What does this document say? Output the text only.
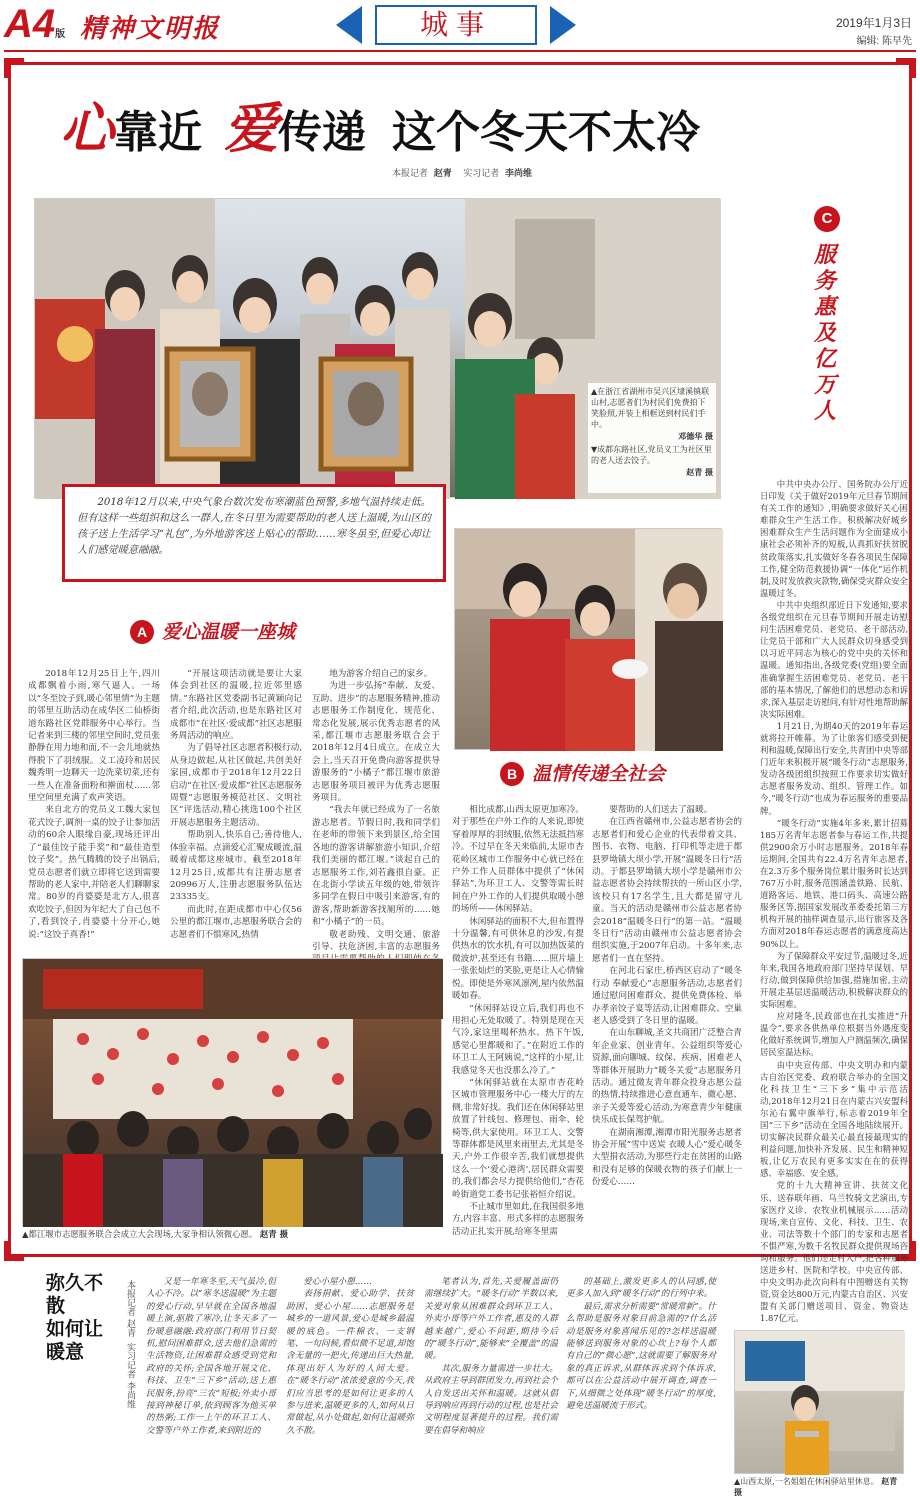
A4版 精神文明报	城事	2019年1月3日
编辑: 陈早先
心靠近 爱传递 这个冬天不太冷
本报记者 赵青 实习记者 李尚维
▲在浙江省湖州市吴兴区埭溪镇联山村,志愿者们为村民们免费拍下笑脸照,并装上相框送到村民们手中。
邓德华 摄
▼成都东路社区,党员义工为社区里的老人送去饺子。
赵青 摄
2018年12月以来,中央气象台数次发布寒潮蓝色预警,多地气温持续走低。但有这样一些组织和这么一群人,在冬日里为需要帮助的老人送上温暖,为山区的孩子送上生活学习“礼包”,为外地游客送上贴心的帮助……寒冬虽至,但爱心却让人们感觉暖意融融。
C
服务惠及亿万人
中共中央办公厅、国务院办公厅近日印发《关于做好2019年元旦春节期间有关工作的通知》,明确要求做好关心困难群众生产生活工作。积极解决好城乡困难群众生产生活问题作为全面建成小康社会必须补齐的短板,认真抓好扶贫脱贫政策落实,扎实做好冬春各项民生保障工作,健全防范救援协调“一体化”运作机制,及时发放救灾款物,确保受灾群众安全温暖过冬。
中共中央组织部近日下发通知,要求各级党组织在元旦春节期间开展走访慰问生活困难党员、老党员、老干部活动,让党员干部和广大人民群众切身感受到以习近平同志为核心的党中央的关怀和温暖。通知指出,各级党委(党组)要全面准确掌握生活困难党员、老党员、老干部的基本情况,了解他们的思想动态和诉求,深入基层走访慰问,有针对性地帮助解决实际困难。
1月21日,为期40天的2019年春运就将拉开帷幕。为了让旅客们感受到便利和温暖,保障出行安全,共青团中央等部门近年来积极开展“暖冬行动”志愿服务,发动各级团组织按照工作要求切实做好志愿者服务发动、组织、管理工作。如今,“暖冬行动”也成为春运服务的重要品牌。
“暖冬行动”实施4年多来,累计招募185万名青年志愿者参与春运工作,共提供2900余万小时志愿服务。2018年春运期间,全国共有22.4万名青年志愿者,在2.3万多个服务岗位累计服务时长达到767万小时,服务范围涵盖铁路、民航、道路客运、地铁、港口码头、高速公路服务区等,据国家发展改革委委托第三方机构开展的抽样调查显示,出行旅客及各方面对2018年春运志愿者的满意度高达90%以上。
为了保障群众平安过节,温暖过冬,近年来,我国各地政府部门坚持早谋划、早行动,做到保障供给加强,措施加密,主动开展走基层送温暖活动,积极解决群众的实际困难。
应对隆冬,民政部也在扎实推进“升温令”,要求各供热单位根据当外遇度变化做好系统调节,增加入户测温频次,确保居民室温达标。
由中央宣传部、中央文明办和内蒙古自治区党委、政府联合举办的全国文化科技卫生“三下乡”集中示范活动,2018年12月21日在内蒙古兴安盟科尔沁右翼中旗举行,标志着2019年全国“三下乡”活动在全国各地陆续展开。切实解决民群众最关心最直接最现实的利益问题,加快补齐发展、民生和精神短板,让亿万农民有更多实实在在的获得感、幸福感、安全感。
党的十九大精神宣讲、扶贫文化乐、送春联年画、乌兰牧骑文艺演出,专家医疗义诊、农牧业机械展示……活动现场,来自宣传、文化、科技、卫生、农业、司法等数十个部门的专家和志愿者不惧严寒,为数千名牧民群众提供现场咨询和服务。他们还走村入户,把各种服务送进乡村、医院和学校。中央宣传部、中央文明办此次向科有中图赠送有关物资,资金达800万元,内蒙古自治区、兴安盟有关部门赠送项目、资金、物资达1.87亿元。
A 爱心温暖一座城
2018年12月25日上午,四川成都飘着小雨,寒气逼人。一场以“冬至饺子到,暖心邻里情”为主题的邻里互助活动在成华区二仙桥街道东路社区党群服务中心举行。当记者来到三楼的邻里空间时,党员张静静在用力地和面,不一会儿地就热得脱下了羽绒服。义工凌玲和居民魏秀明一边聊天一边洗菜切菜,还有一些人在准备面粉和擀面杖……邻里空间里充满了欢声笑语。
来自北方的党员义工魏大家包花式饺子,调剂一桌的饺子让参加活动的60余人眼缘自豪,现场还评出了“最佳饺子能手奖”和“最佳造型饺子奖”。热气腾腾的饺子出锅后,党员志愿者们就立即将它送到需要帮助的老人家中,并陪老人们聊聊家常。80岁的肖婆婆是北方人,很喜欢吃饺子,但因为年纪大了自己包不了,看到饺子,肖婆婆十分开心,她说:“这饺子真香!”
“开展这项活动就是要让大家体会到社区的温暖,拉近邻里感情。”东路社区党委副书记黄颖向记者介绍,此次活动,也是东路社区对成都市“在社区·爱成都”社区志愿服务周活动的响应。
为了倡导社区志愿者积极行动,从身边做起,从社区做起,共创美好家园,成都市于2018年12月22日启动“在社区·爱成都”社区志愿服务周暨“志愿服务模范社区、文明社区”评选活动,精心挑选100个社区开展志愿服务主题活动。
帮助别人,快乐自己;善待他人,体验幸福。点滴爱心汇聚成暖流,温暖着成都这座城市。截至2018年12月25日,成都共有注册志愿者20996万人,注册志愿服务队伍达23335支。
而此时,在距成都市中心仅56公里的都江堰市,志愿服务联合会的志愿者们不惧寒风,热情
地为游客介绍自己的家乡。
为进一步弘扬“奉献、友爱、互助、进步”的志愿服务精神,推动志愿服务工作制度化、规范化、常态化发展,展示优秀志愿者的风采,都江堰市志愿服务联合会于2018年12月4日成立。在成立大会上,当天召开免费向游客提供导游服务的“小橘子”都江堰市旅游志愿服务项目被评为优秀志愿服务项目。
“我去年就已经成为了一名旅游志愿者。节假日时,我和同学们在老师的带领下来到景区,给全国各地的游客讲解旅游小知识,介绍我们美丽的都江堰。”谈起自己的志愿服务工作,刘若鑫很自豪。正在北街小学读五年级的她,带领许多同学在假日中吸引来游客,有的游客,帮助新游客找厕所的……她和“小橘子”的一员。
敬老助残、文明交通、旅游引导、扶危济困,丰富的志愿服务
B 温情传递全社会
相比成都,山西太原更加寒冷。对于那些在户外工作的人来说,即使穿着厚厚的羽绒服,依然无法抵挡寒冷。不过早在冬天来临前,太原市杏花岭区城市工作服务中心就已经在户外工作人员群体中提供了“休闲驿站”,为环卫工人、交警等需长时间在户外工作的人们提供取暖小憩的场所——休闲驿站。
休闲驿站的面积不大,但布置得十分温馨,有可供休息的沙发,有提供热水的饮水机,有可以加热饭菜的微波炉,甚至还有书籍……照片墙上一张张灿烂的笑脸,更是让人心情愉悦。即使是外寒风凛冽,屋内依然温暖如春。
“休闲驿站设立后,我们再也不用担心无处取暖了。特别是现在天气冷,家这里喝杯热水、热下午饭,感觉心里都暖和了。”在附近工作的环卫工人王阿姨说,“这样的小屋,让我感觉冬天也没那么冷了。”
“休闲驿站就在太原市杏花岭区城市管理服务中心一楼大厅的左侧,非常好找。我们还在休闲驿站里放置了针线包、修理包、雨伞、轮椅等,供大家使用。环卫工人、交警等群体都是风里来雨里去,尤其是冬天,户外工作很辛苦,我们就想提供这么一个‘爱心港湾’,居民群众需要的,我们都会尽力提供给他们,”杏花岭街道党工委书记张裕恒介绍说。
不止城市里如此,在我国很多地方,内容丰富、形式多样的志愿服务活动正扎实开展,给寒冬里需
要帮助的人们送去了温暖。
在江西省赣州市,公益志愿者协会的志愿者们和爱心企业的代表带着文具、图书、衣物、电脑、打印机等走进于都县罗坳镇大坝小学,开展“温暖冬日行”活动。于都县罗坳镇大坝小学是赣州市公益志愿者协会持续帮扶的一所山区小学,该校只有17名学生,且大都是留守儿童。当天的活动是赣州市公益志愿者协会2018“温暖冬日行”的第一站。“温暖冬日行”活动由赣州市公益志愿者协会组织实施,于2007年启动。十多年来,志愿者们一直在坚持。
在河北石家庄,桥西区启动了“暖冬行动 奉献爱心”志愿服务活动,志愿者们通过慰问困难群众、提供免费体检、举办孝亲饺子宴等活动,让困难群众、空巢老人感受到了冬日里的温暖。
在山东聊城,圣文共商团广泛整合青年企业家、创业青年、公益组织等爱心资源,面向聊城、纹保、疾病、困难老人等群体开展助力“暖冬关爱”志愿服务月活动。通过微友青年群众投身志愿公益的热情,持续推进心意直通车、微心愿、亲子关爱等爱心活动,为寒意青少年健康快乐成长保驾护航。
在湖南湘潭,湘潭市阳光服务志愿者协会开展“雪中送炭 衣暖人心”爱心暖冬大型捐衣活动,为那些行走在贫困的山路和没有足够的保暖衣物的孩子们献上一份爱心……
▲都江堰市志愿服务联合会成立大会现场,大家争相认领微心愿。 赵青 摄
弥久不散
如何让
暖意
本报记者 赵青  实习记者 李尚维
又是一年寒冬至,天气虽冷,但人心不冷。以“寒冬送温暖”为主题的爱心行动,早早就在全国各地温暖上演,驱散了寒冷,让冬天多了一份暖意融融:政府部门利用节日契机,慰问困难群众,送去他们急需的生活物资,让困难群众感受到党和政府的关怀;全国各地开展文化、科技、卫生“三下乡”活动,送上惠民服务,扮亮“三农”短板;外卖小哥接到神秘订单,依到顾客为他买单的热粥;工作一上午的环卫工人、交警等户外工作者,来到附近的
爱心小屋小憩……
表扬捐献、爱心助学、扶贫助困、爱心小屋……志愿服务是城乡的一道风景,爱心是城乡最温暖的底色。一件棉衣、一支钢笔、一句问候,看似微不足道,却饱含无量的一把火,传递出巨大热量,体现出好人为好的人间大爱。在“暖冬行动”浓浓爱意的今天,我们应当思考的是如何让更多的人参与进来,温暖更多的人,如何从日常做起,从小处做起,如何让温暖弥久不散。
笔者认为,首先,关爱履盖面仍需继续扩大。“暖冬行动”半数以来,关爱对象从困难群众到环卫工人、外卖小哥等户外工作者,惠及的人群越来越广,爱心不问距,期待今后的“暖冬行动”,能够来“全覆盖”的温暖。
其次,服务力量需进一步壮大。从政府主导到群团发力,再到社会个人自发送出关怀和温暖。这就从倡导到响应再到行动的过程,也是社会文明程度显著提升的过程。我们需要在倡导和响应
的基础上,激发更多人的认同感,使更多人加入到“暖冬行动”的行列中来。
最后,需求分析需要“常暖常新”。什么帮助是服务对象目前急需的?什么活动是服务对象喜闻乐见的?怎样送温暖能够送到服务对象的心坎上?每个人都有自己的“微心愿”,这就需要了解服务对象的真正诉求,从群体诉求到个体诉求,都可以在公益活动中展开调查,调查一下,从细微之处体现“暖冬行动”的厚度,避免送温暖流于形式。
▲山西太原,一名姐姐在休闲驿站里休息。 赵青 摄
